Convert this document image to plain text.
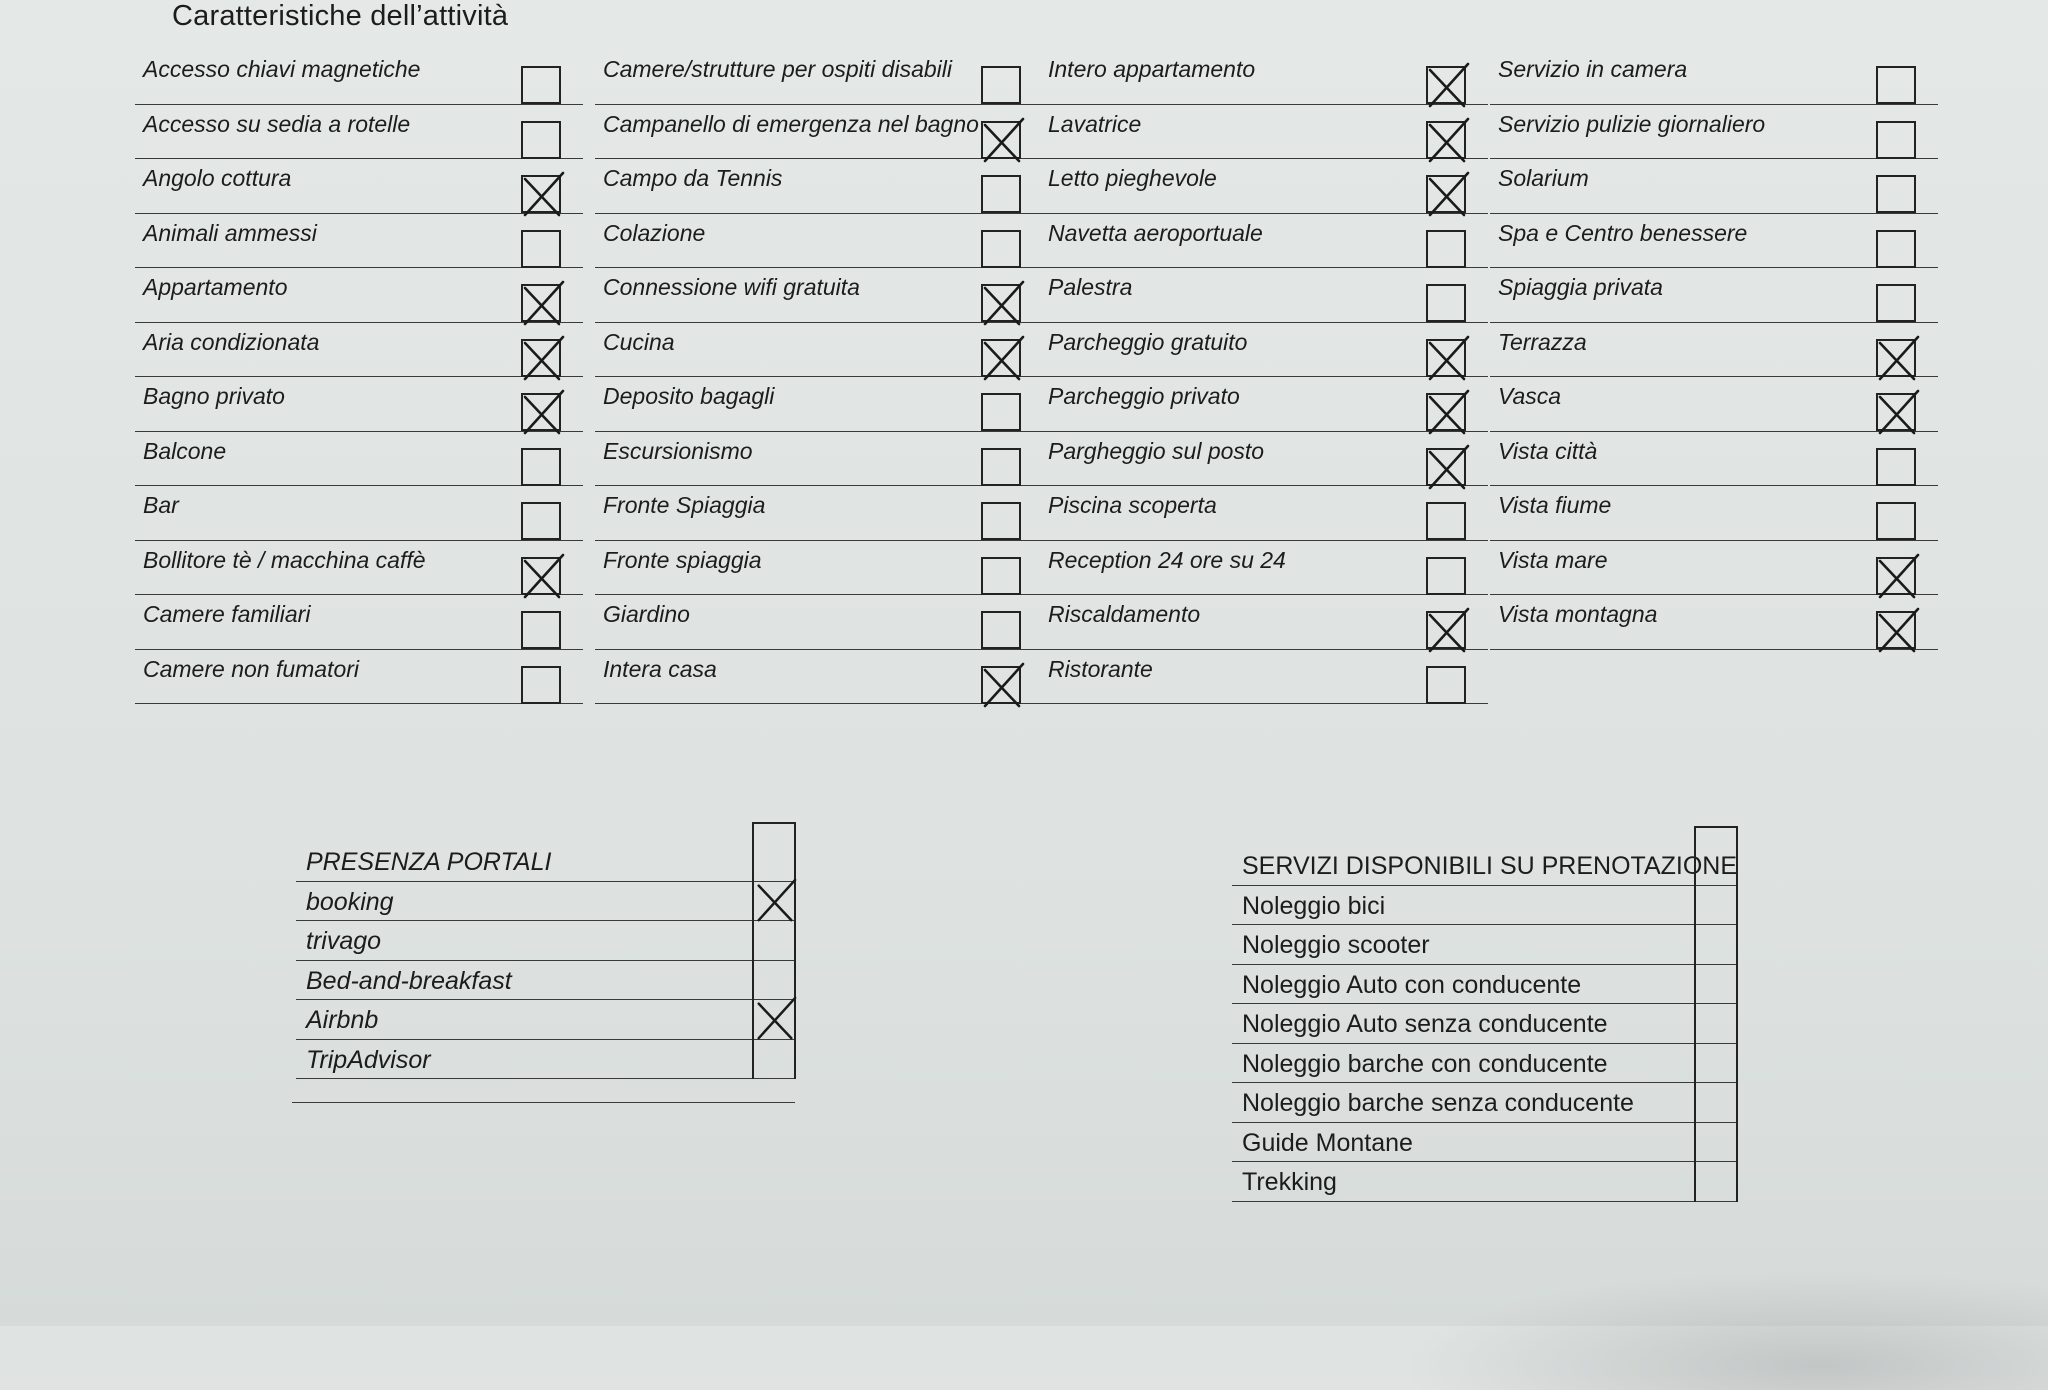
Caratteristiche dell’attività
Accesso chiavi magnetiche
Accesso su sedia a rotelle
Angolo cottura
Animali ammessi
Appartamento
Aria condizionata
Bagno privato
Balcone
Bar
Bollitore tè / macchina caffè
Camere familiari
Camere non fumatori
Camere/strutture per ospiti disabili
Campanello di emergenza nel bagno
Campo da Tennis
Colazione
Connessione wifi gratuita
Cucina
Deposito bagagli
Escursionismo
Fronte Spiaggia
Fronte spiaggia
Giardino
Intera casa
Intero appartamento
Lavatrice
Letto pieghevole
Navetta aeroportuale
Palestra
Parcheggio gratuito
Parcheggio privato
Parghеggio sul posto
Piscina scoperta
Reception 24 ore su 24
Riscaldamento
Ristorante
Servizio in camera
Servizio pulizie giornaliero
Solarium
Spa e Centro benessere
Spiaggia privata
Terrazza
Vasca
Vista città
Vista fiume
Vista mare
Vista montagna
PRESENZA PORTALI
booking
trivago
Bed-and-breakfast
Airbnb
TripAdvisor
SERVIZI DISPONIBILI SU PRENOTAZIONE
Noleggio bici
Noleggio scooter
Noleggio Auto con conducente
Noleggio Auto senza conducente
Noleggio barche con conducente
Noleggio barche senza conducente
Guide Montane
Trekking
